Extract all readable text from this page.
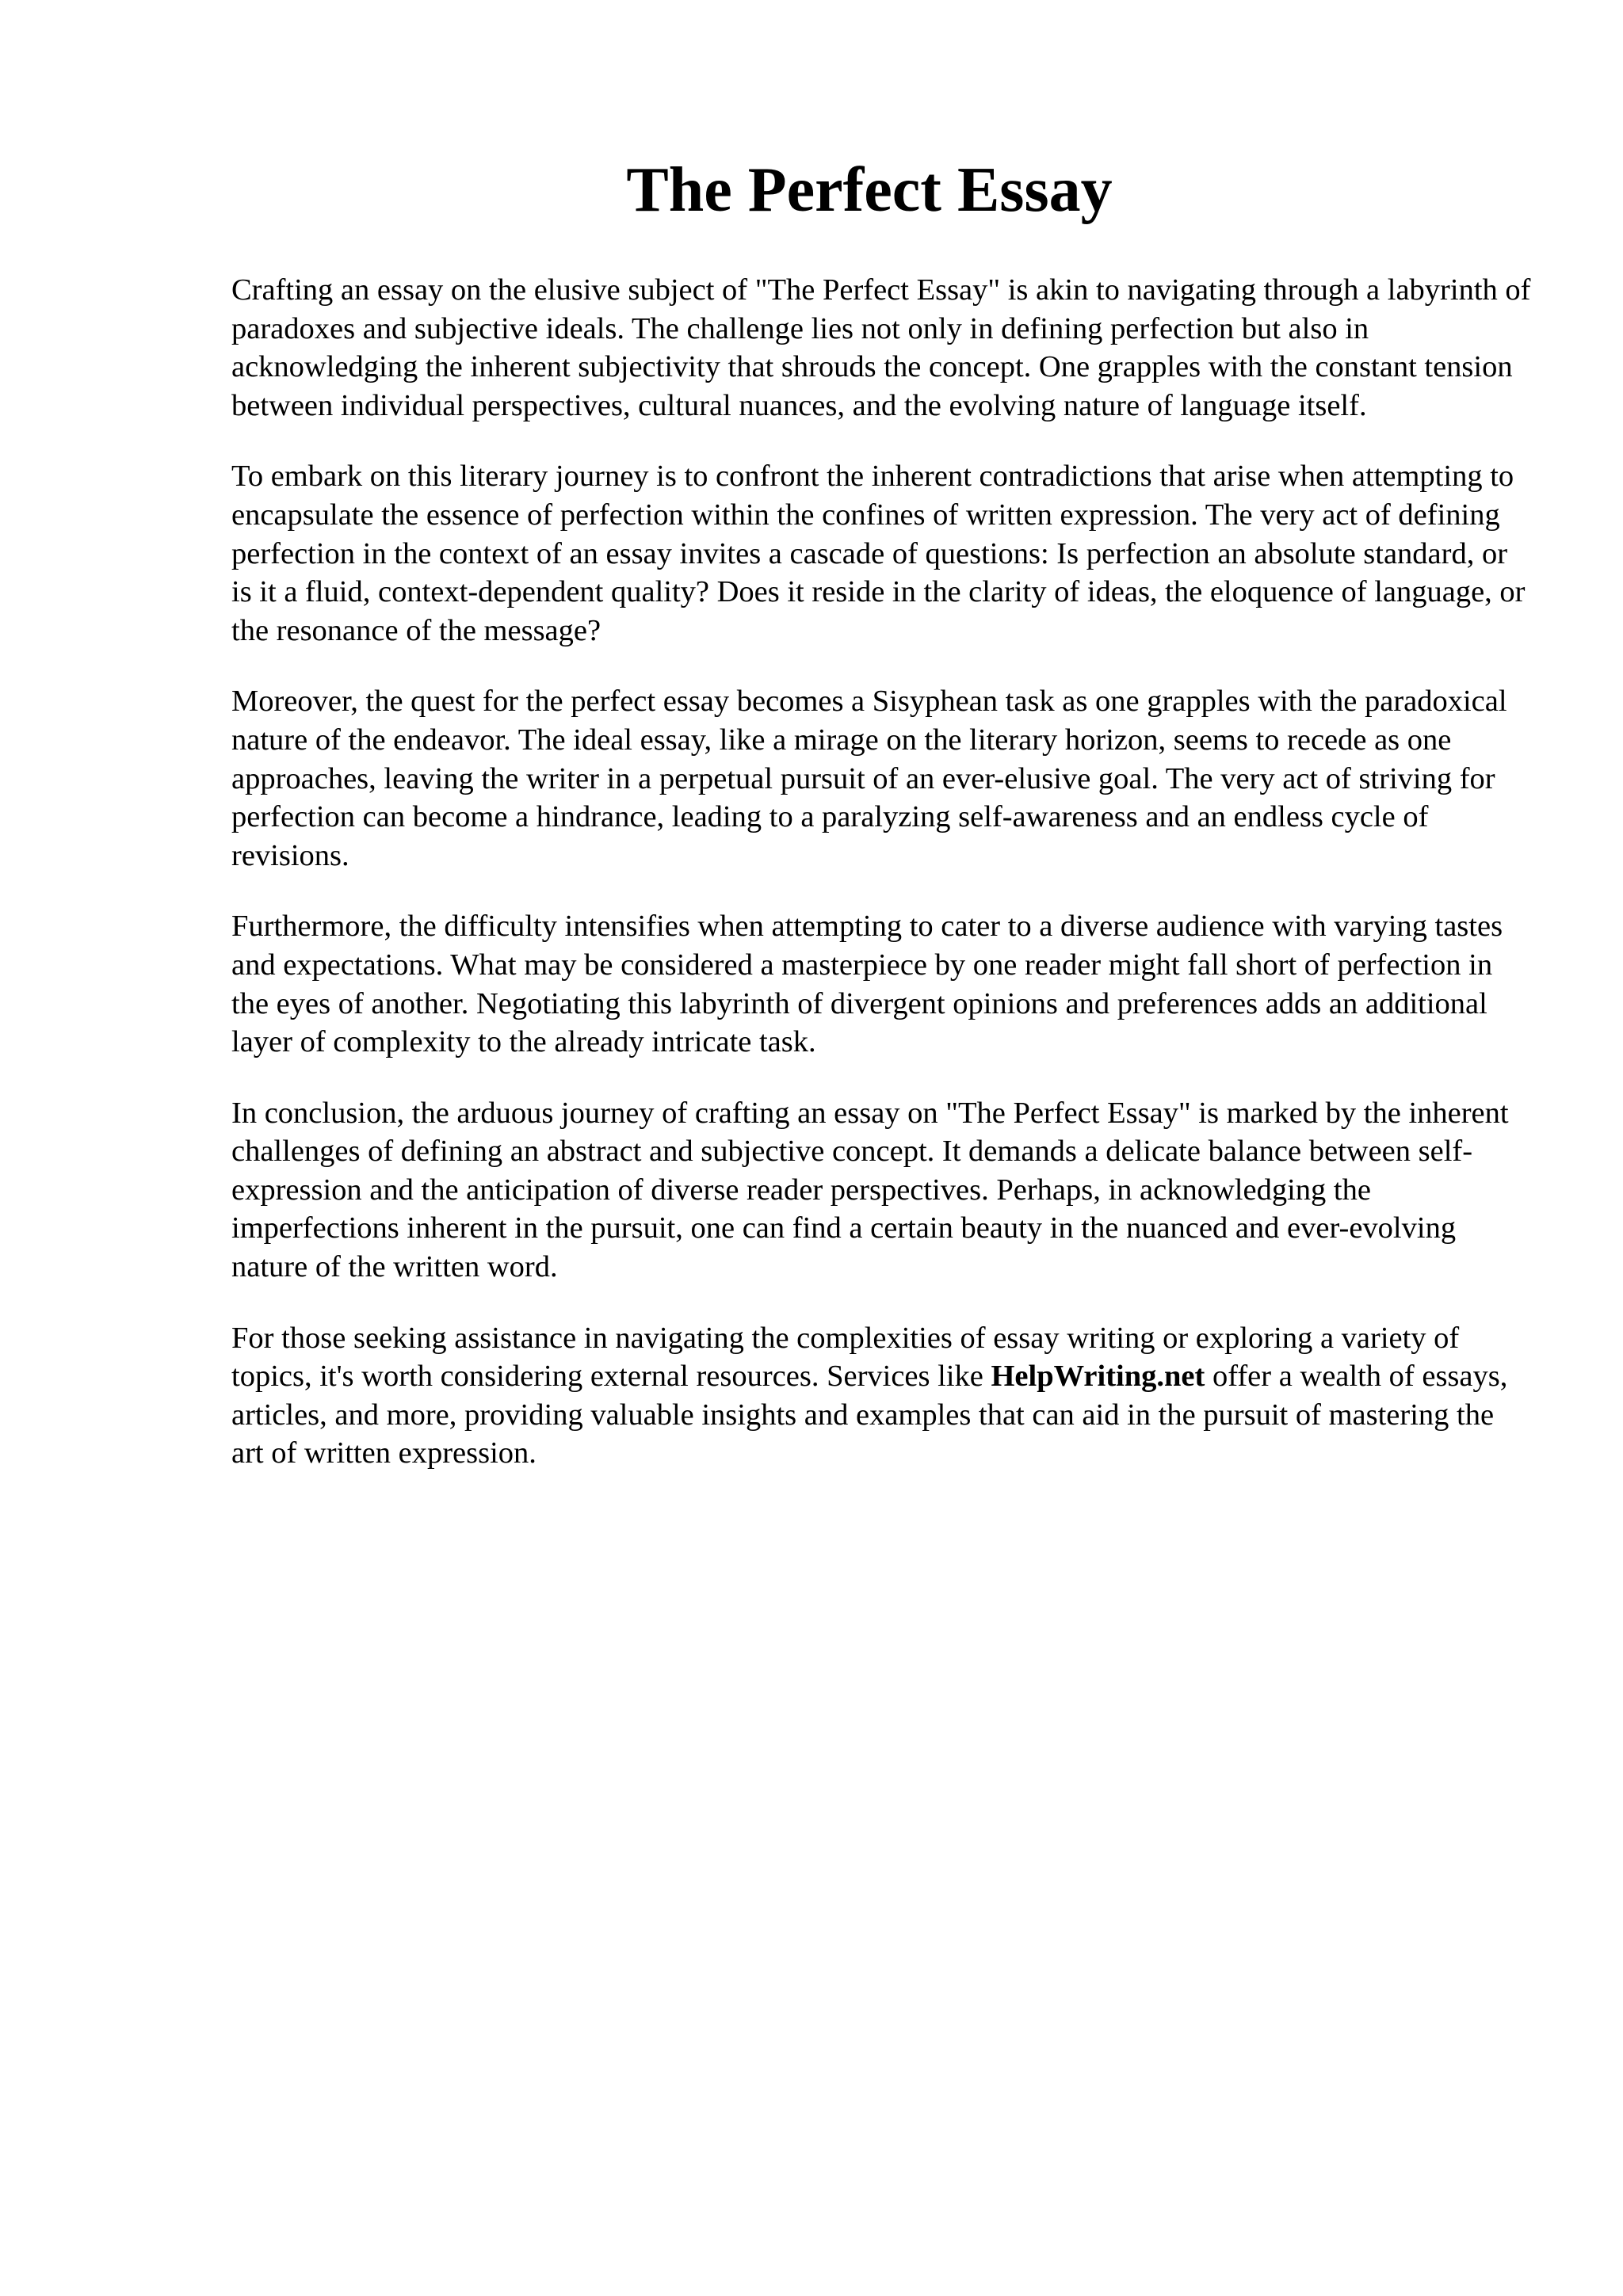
The Perfect Essay

Crafting an essay on the elusive subject of "The Perfect Essay" is akin to navigating through a labyrinth of paradoxes and subjective ideals. The challenge lies not only in defining perfection but also in acknowledging the inherent subjectivity that shrouds the concept. One grapples with the constant tension between individual perspectives, cultural nuances, and the evolving nature of language itself.

To embark on this literary journey is to confront the inherent contradictions that arise when attempting to encapsulate the essence of perfection within the confines of written expression. The very act of defining perfection in the context of an essay invites a cascade of questions: Is perfection an absolute standard, or is it a fluid, context-dependent quality? Does it reside in the clarity of ideas, the eloquence of language, or the resonance of the message?

Moreover, the quest for the perfect essay becomes a Sisyphean task as one grapples with the paradoxical nature of the endeavor. The ideal essay, like a mirage on the literary horizon, seems to recede as one approaches, leaving the writer in a perpetual pursuit of an ever-elusive goal. The very act of striving for perfection can become a hindrance, leading to a paralyzing self-awareness and an endless cycle of revisions.

Furthermore, the difficulty intensifies when attempting to cater to a diverse audience with varying tastes and expectations. What may be considered a masterpiece by one reader might fall short of perfection in the eyes of another. Negotiating this labyrinth of divergent opinions and preferences adds an additional layer of complexity to the already intricate task.

In conclusion, the arduous journey of crafting an essay on "The Perfect Essay" is marked by the inherent challenges of defining an abstract and subjective concept. It demands a delicate balance between self-expression and the anticipation of diverse reader perspectives. Perhaps, in acknowledging the imperfections inherent in the pursuit, one can find a certain beauty in the nuanced and ever-evolving nature of the written word.

For those seeking assistance in navigating the complexities of essay writing or exploring a variety of topics, it's worth considering external resources. Services like HelpWriting.net offer a wealth of essays, articles, and more, providing valuable insights and examples that can aid in the pursuit of mastering the art of written expression.
